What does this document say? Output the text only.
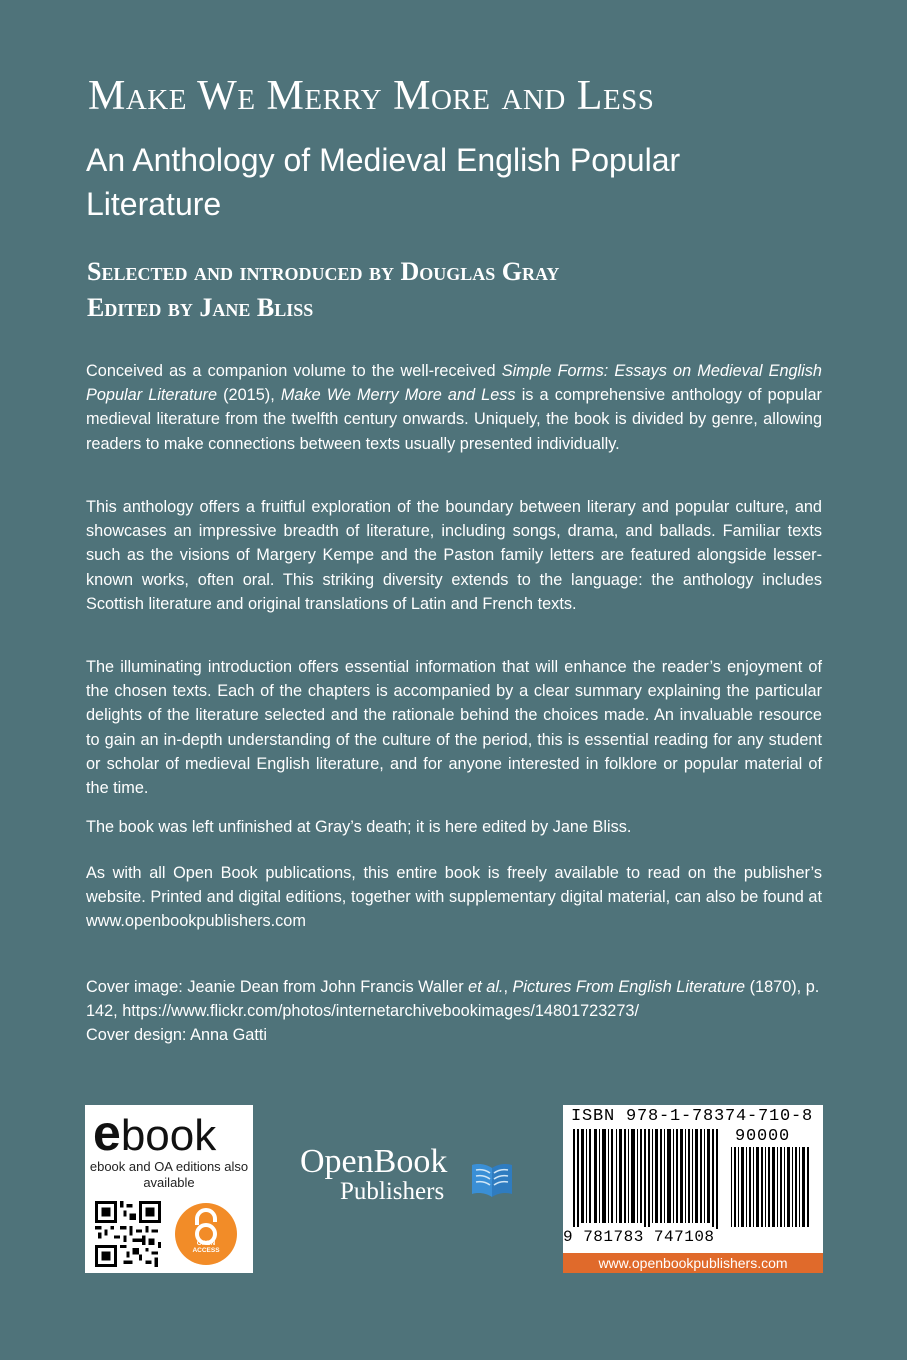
Make We Merry More and Less
An Anthology of Medieval English Popular Literature

Selected and introduced by Douglas Gray

Edited by Jane Bliss

Conceived as a companion volume to the well-received Simple Forms: Essays on Medieval English Popular Literature (2015), Make We Merry More and Less is a comprehensive anthology of popular medieval literature from the twelfth century onwards. Uniquely, the book is divided by genre, allowing readers to make connections between texts usually presented individually.

This anthology offers a fruitful exploration of the boundary between literary and popular culture, and showcases an impressive breadth of literature, including songs, drama, and ballads. Familiar texts such as the visions of Margery Kempe and the Paston family letters are featured alongside lesser-known works, often oral. This striking diversity extends to the language: the anthology includes Scottish literature and original translations of Latin and French texts.

The illuminating introduction offers essential information that will enhance the reader’s enjoyment of the chosen texts. Each of the chapters is accompanied by a clear summary explaining the particular delights of the literature selected and the rationale behind the choices made. An invaluable resource to gain an in-depth understanding of the culture of the period, this is essential reading for any student or scholar of medieval English literature, and for anyone interested in folklore or popular material of the time.

The book was left unfinished at Gray’s death; it is here edited by Jane Bliss.

As with all Open Book publications, this entire book is freely available to read on the publisher’s website. Printed and digital editions, together with supplementary digital material, can also be found at www.openbookpublishers.com

Cover image: Jeanie Dean from John Francis Waller et al., Pictures From English Literature (1870), p. 142, https://www.flickr.com/photos/internetarchivebookimages/14801723273/
Cover design: Anna Gatti

ebook
ebook and OA editions also available
OPEN
ACCESS
OpenBook
Publishers
ISBN 978-1-78374-710-8
90000
9 781783 747108
www.openbookpublishers.com
